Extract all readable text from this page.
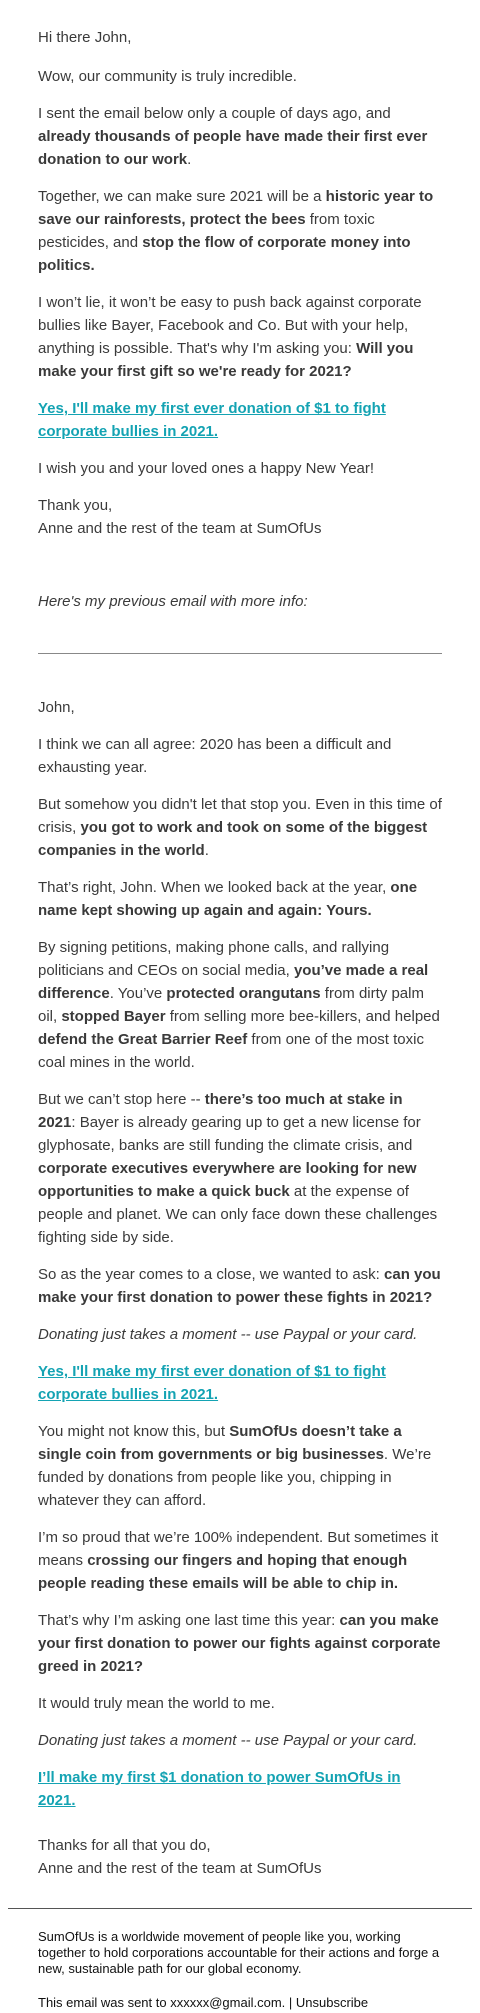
Hi there John,

Wow, our community is truly incredible.

I sent the email below only a couple of days ago, and already thousands of people have made their first ever donation to our work.

Together, we can make sure 2021 will be a historic year to save our rainforests, protect the bees from toxic pesticides, and stop the flow of corporate money into politics.

I won’t lie, it won’t be easy to push back against corporate bullies like Bayer, Facebook and Co. But with your help, anything is possible. That's why I'm asking you: Will you make your first gift so we're ready for 2021?

Yes, I'll make my first ever donation of $1 to fight corporate bullies in 2021.

I wish you and your loved ones a happy New Year!

Thank you,
Anne and the rest of the team at SumOfUs

Here's my previous email with more info:

John,

I think we can all agree: 2020 has been a difficult and exhausting year.

But somehow you didn't let that stop you. Even in this time of crisis, you got to work and took on some of the biggest companies in the world.

That’s right, John. When we looked back at the year, one name kept showing up again and again: Yours.

By signing petitions, making phone calls, and rallying politicians and CEOs on social media, you’ve made a real difference. You’ve protected orangutans from dirty palm oil, stopped Bayer from selling more bee-killers, and helped defend the Great Barrier Reef from one of the most toxic coal mines in the world.

But we can’t stop here -- there’s too much at stake in 2021: Bayer is already gearing up to get a new license for glyphosate, banks are still funding the climate crisis, and corporate executives everywhere are looking for new opportunities to make a quick buck at the expense of people and planet. We can only face down these challenges fighting side by side.

So as the year comes to a close, we wanted to ask: can you make your first donation to power these fights in 2021?

Donating just takes a moment -- use Paypal or your card.

Yes, I'll make my first ever donation of $1 to fight corporate bullies in 2021.

You might not know this, but SumOfUs doesn’t take a single coin from governments or big businesses. We’re funded by donations from people like you, chipping in whatever they can afford.

I’m so proud that we’re 100% independent. But sometimes it means crossing our fingers and hoping that enough people reading these emails will be able to chip in.

That’s why I’m asking one last time this year: can you make your first donation to power our fights against corporate greed in 2021?

It would truly mean the world to me.

Donating just takes a moment -- use Paypal or your card.

I’ll make my first $1 donation to power SumOfUs in 2021.

Thanks for all that you do,
Anne and the rest of the team at SumOfUs

SumOfUs is a worldwide movement of people like you, working together to hold corporations accountable for their actions and forge a new, sustainable path for our global economy.

This email was sent to xxxxxx@gmail.com. | Unsubscribe
